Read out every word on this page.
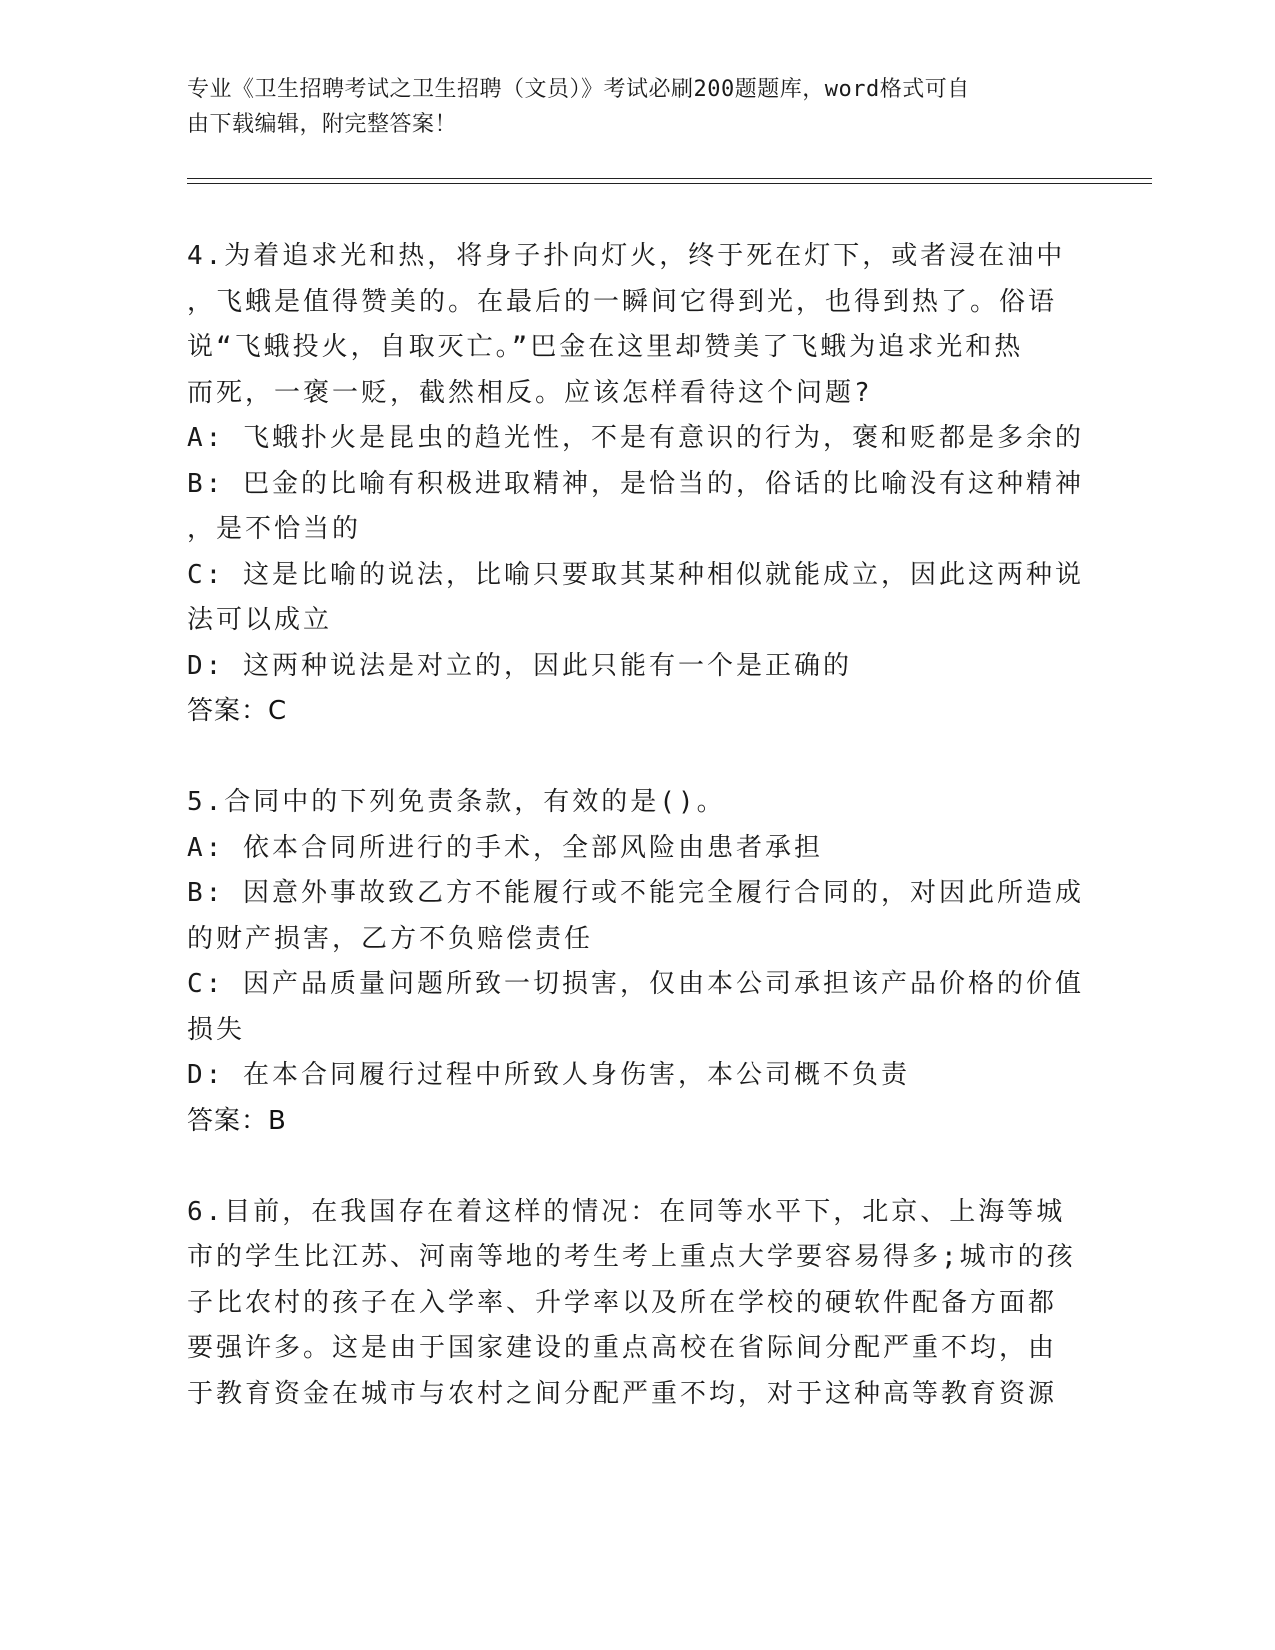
专业《卫生招聘考试之卫生招聘（文员）》考试必刷200题题库，word格式可自
由下载编辑，附完整答案！
4.为着追求光和热，将身子扑向灯火，终于死在灯下，或者浸在油中
，飞蛾是值得赞美的。在最后的一瞬间它得到光，也得到热了。俗语
说“飞蛾投火，自取灭亡。”巴金在这里却赞美了飞蛾为追求光和热
而死，一褒一贬，截然相反。应该怎样看待这个问题?
A: 飞蛾扑火是昆虫的趋光性，不是有意识的行为，褒和贬都是多余的
B: 巴金的比喻有积极进取精神，是恰当的，俗话的比喻没有这种精神
，是不恰当的
C: 这是比喻的说法，比喻只要取其某种相似就能成立，因此这两种说
法可以成立
D: 这两种说法是对立的，因此只能有一个是正确的
答案：C
5.合同中的下列免责条款，有效的是()。
A: 依本合同所进行的手术，全部风险由患者承担
B: 因意外事故致乙方不能履行或不能完全履行合同的，对因此所造成
的财产损害，乙方不负赔偿责任
C: 因产品质量问题所致一切损害，仅由本公司承担该产品价格的价值
损失
D: 在本合同履行过程中所致人身伤害，本公司概不负责
答案：B
6.目前，在我国存在着这样的情况：在同等水平下，北京、上海等城
市的学生比江苏、河南等地的考生考上重点大学要容易得多;城市的孩
子比农村的孩子在入学率、升学率以及所在学校的硬软件配备方面都
要强许多。这是由于国家建设的重点高校在省际间分配严重不均，由
于教育资金在城市与农村之间分配严重不均，对于这种高等教育资源
